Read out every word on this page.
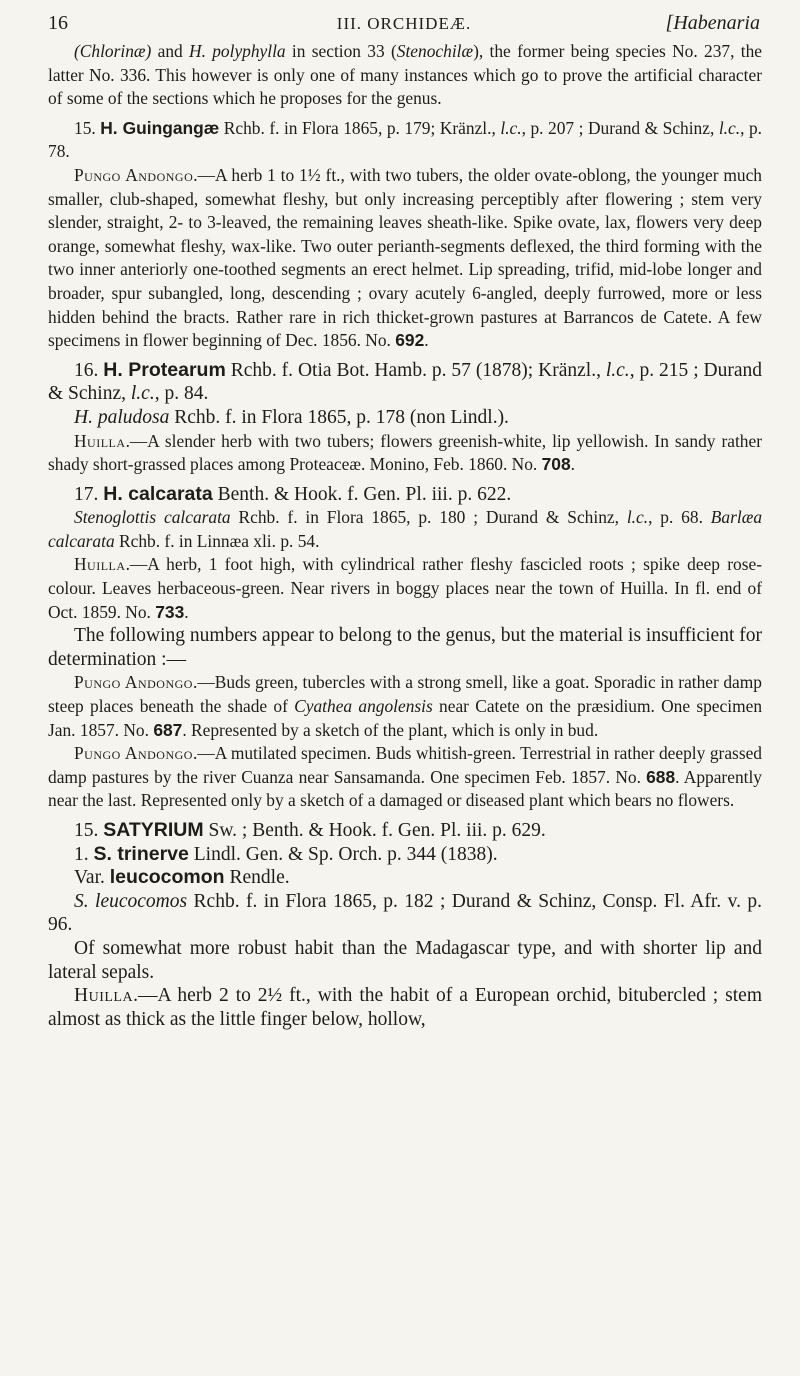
16	III. ORCHIDEÆ.	[Habenaria

(Chlorinæ) and H. polyphylla in section 33 (Stenochilæ), the former being species No. 237, the latter No. 336. This however is only one of many instances which go to prove the artificial character of some of the sections which he proposes for the genus.

15. H. Guingangæ Rchb. f. in Flora 1865, p. 179; Kränzl., l.c., p. 207 ; Durand & Schinz, l.c., p. 78.

Pungo Andongo.—A herb 1 to 1½ ft., with two tubers, the older ovate-oblong, the younger much smaller, club-shaped, somewhat fleshy, but only increasing perceptibly after flowering ; stem very slender, straight, 2- to 3-leaved, the remaining leaves sheath-like. Spike ovate, lax, flowers very deep orange, somewhat fleshy, wax-like. Two outer perianth-segments deflexed, the third forming with the two inner anteriorly one-toothed segments an erect helmet. Lip spreading, trifid, mid-lobe longer and broader, spur subangled, long, descending ; ovary acutely 6-angled, deeply furrowed, more or less hidden behind the bracts. Rather rare in rich thicket-grown pastures at Barrancos de Catete. A few specimens in flower beginning of Dec. 1856. No. 692.

16. H. Protearum Rchb. f. Otia Bot. Hamb. p. 57 (1878); Kränzl., l.c., p. 215 ; Durand & Schinz, l.c., p. 84.

H. paludosa Rchb. f. in Flora 1865, p. 178 (non Lindl.).

Huilla.—A slender herb with two tubers; flowers greenish-white, lip yellowish. In sandy rather shady short-grassed places among Proteaceæ. Monino, Feb. 1860. No. 708.

17. H. calcarata Benth. & Hook. f. Gen. Pl. iii. p. 622.

Stenoglottis calcarata Rchb. f. in Flora 1865, p. 180 ; Durand & Schinz, l.c., p. 68. Barlæa calcarata Rchb. f. in Linnæa xli. p. 54.

Huilla.—A herb, 1 foot high, with cylindrical rather fleshy fascicled roots ; spike deep rose-colour. Leaves herbaceous-green. Near rivers in boggy places near the town of Huilla. In fl. end of Oct. 1859. No. 733.

The following numbers appear to belong to the genus, but the material is insufficient for determination :—

Pungo Andongo.—Buds green, tubercles with a strong smell, like a goat. Sporadic in rather damp steep places beneath the shade of Cyathea angolensis near Catete on the præsidium. One specimen Jan. 1857. No. 687. Represented by a sketch of the plant, which is only in bud.

Pungo Andongo.—A mutilated specimen. Buds whitish-green. Terrestrial in rather deeply grassed damp pastures by the river Cuanza near Sansamanda. One specimen Feb. 1857. No. 688. Apparently near the last. Represented only by a sketch of a damaged or diseased plant which bears no flowers.

15. SATYRIUM Sw. ; Benth. & Hook. f. Gen. Pl. iii. p. 629.

1. S. trinerve Lindl. Gen. & Sp. Orch. p. 344 (1838).

Var. leucocomon Rendle.

S. leucocomos Rchb. f. in Flora 1865, p. 182 ; Durand & Schinz, Consp. Fl. Afr. v. p. 96.

Of somewhat more robust habit than the Madagascar type, and with shorter lip and lateral sepals.

Huilla.—A herb 2 to 2½ ft., with the habit of a European orchid, bitubercled ; stem almost as thick as the little finger below, hollow,
